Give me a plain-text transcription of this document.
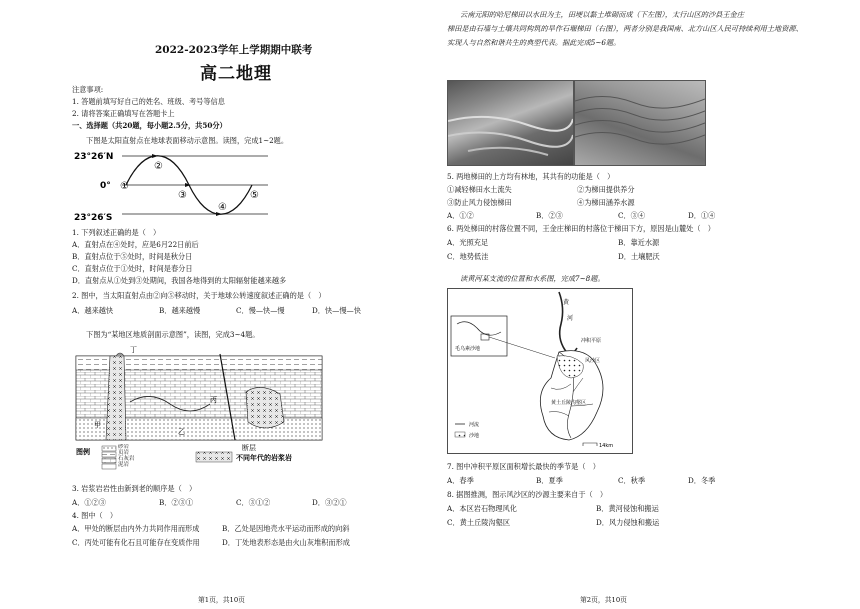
2022-2023学年上学期期中联考
高二地理
注意事项:
1. 答题前填写好自己的姓名、班级、考号等信息
2. 请将答案正确填写在答题卡上
一、选择题（共20题，每小题2.5分，共50分）
下图是太阳直射点在地球表面移动示意图。读图，完成1~2题。
23°26′N
0°
23°26′S
①
②
③
④
⑤
1. 下列叙述正确的是（　）
A．直射点在④处时，应是6月22日前后
B．直射点位于⑤处时，时间是秋分日
C．直射点位于①处时，时间是春分日
D．直射点从①处到③处期间，我国各地得到的太阳辐射能越来越多
2. 图中，当太阳直射点由②向⑤移动时，关于地球公转速度叙述正确的是（　）
A．越来越快	B．越来越慢	C．慢—快—慢	D．快—慢—快
下图为“某地区地质剖面示意图”，读图，完成3~4题。
丁
丙
甲
乙
断层
图例
砂岩
页岩
石灰岩
泥岩
不同年代的岩浆岩
3. 岩浆岩岩性由新到老的顺序是（　）
A．①②③	B．②③①	C．③①②	D．③②①
4. 图中（　）
A．甲处的断层由内外力共同作用而形成	B．乙处是因地壳水平运动而形成的向斜
C．丙处可能有化石且可能存在变质作用	D．丁处地表形态是由火山灰堆积而形成
第1页，共10页
云南元阳的哈尼梯田以水田为主，田埂以黏土堆砌而成（下左图），太行山区的沙县王金庄
梯田是由石墙与土壤共同构筑的旱作石堰梯田（右图），两者分别是我国南、北方山区人民可持续利用土地资源、
实现人与自然和谐共生的典型代表。据此完成5~6题。
5. 两地梯田的上方均有林地，其共有的功能是（　）
①减轻梯田水土流失	②为梯田提供养分
③防止风力侵蚀梯田	④为梯田涵养水源
A．①②	B．②③	C．③④	D．①④
6. 两处梯田的村落位置不同，王金庄梯田的村落位于梯田下方，原因是山麓处（　）
A．光照充足	B．靠近水源
C．地势低洼	D．土壤肥沃
读黄河某支流的位置和水系图，完成7~8题。
毛乌素沙地
黄
河
冲积平原
风沙区
黄土丘陵沟壑区
河流
沙地
14km
7. 图中冲积平原区面积增长最快的季节是（　）
A．春季	B．夏季	C．秋季	D．冬季
8. 据图推测，图示风沙区的沙源主要来自于（　）
A．本区岩石物理风化	B．黄河侵蚀和搬运
C．黄土丘陵沟壑区	D．风力侵蚀和搬运
第2页，共10页
